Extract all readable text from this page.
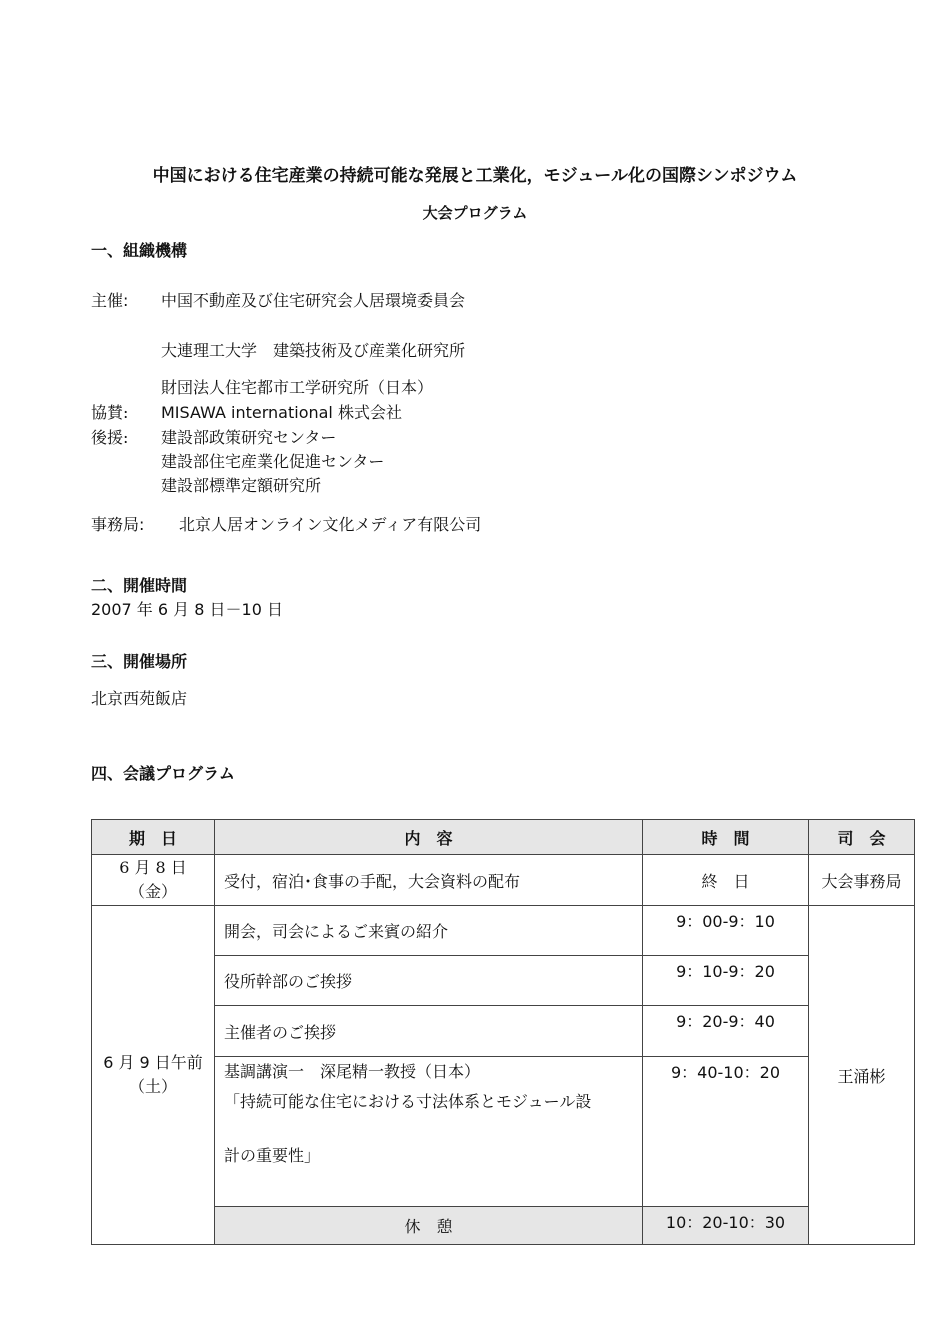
中国における住宅産業の持続可能な発展と工業化，モジュール化の国際シンポジウム
大会プログラム
一、組織機構
主催: 中国不動産及び住宅研究会人居環境委員会
大連理工大学　建築技術及び産業化研究所
財団法人住宅都市工学研究所（日本）
協賛: MISAWA international 株式会社
後援: 建設部政策研究センター
建設部住宅産業化促進センター
建設部標準定額研究所
事務局: 北京人居オンライン文化メディア有限公司
二、開催時間
2007 年 6 月 8 日－10 日
三、開催場所
北京西苑飯店
四、会議プログラム
期　日	内　容	時　間	司　会

6 月 8 日
（金）	受付，宿泊･食事の手配，大会資料の配布	終　日	大会事務局

6 月 9 日午前
（土）	開会，司会によるご来賓の紹介	9：00-9：10	王涌彬
	役所幹部のご挨拶	9：10-9：20	
	主催者のご挨拶	9：20-9：40	

	基調講演一　深尾精一教授（日本）
「持続可能な住宅における寸法体系とモジュール設
計の重要性」	9：40-10：20	
	休　憩	10：20-10：30	
